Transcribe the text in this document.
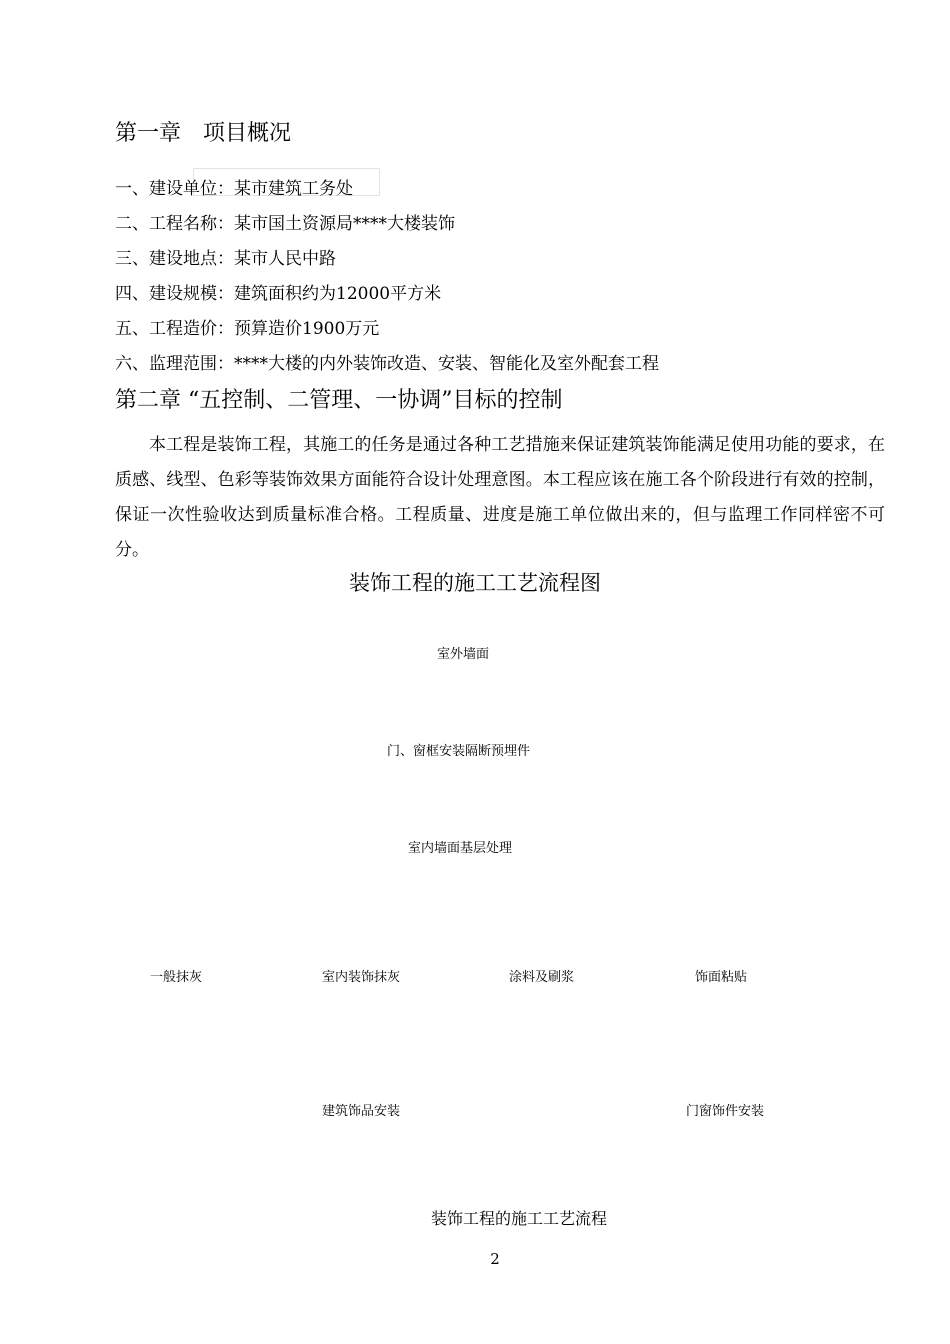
第一章　项目概况
一、建设单位：某市建筑工务处
二、工程名称：某市国土资源局****大楼装饰
三、建设地点：某市人民中路
四、建设规模：建筑面积约为12000平方米
五、工程造价：预算造价1900万元
六、监理范围：****大楼的内外装饰改造、安装、智能化及室外配套工程
第二章 “五控制、二管理、一协调”目标的控制
本工程是装饰工程，其施工的任务是通过各种工艺措施来保证建筑装饰能满足使用功能的要求，在质感、线型、色彩等装饰效果方面能符合设计处理意图。本工程应该在施工各个阶段进行有效的控制，保证一次性验收达到质量标准合格。工程质量、进度是施工单位做出来的，但与监理工作同样密不可分。
装饰工程的施工工艺流程图
室外墙面
门、窗框安装隔断预埋件
室内墙面基层处理
一般抹灰	室内装饰抹灰	涂料及刷浆	饰面粘贴
建筑饰品安装	门窗饰件安装
装饰工程的施工工艺流程
2
